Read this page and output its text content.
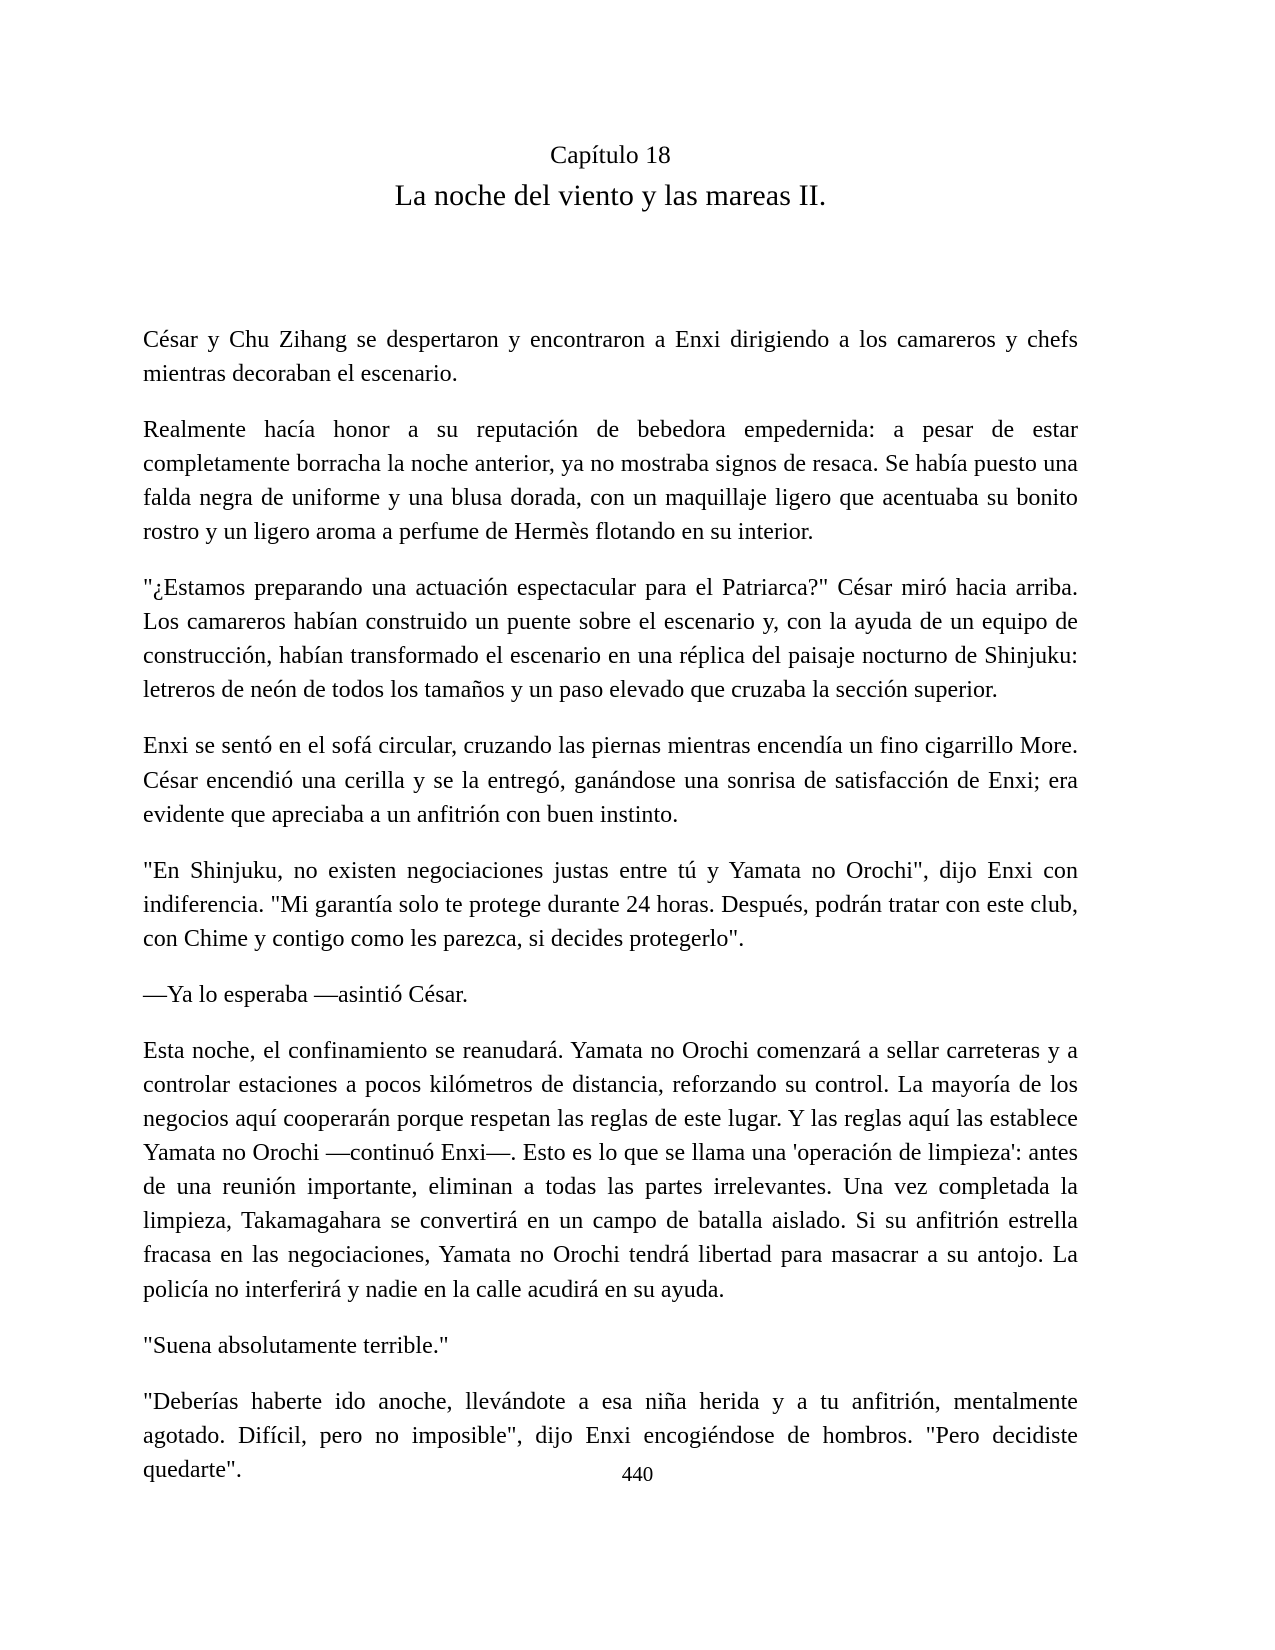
Capítulo 18
La noche del viento y las mareas II.

César y Chu Zihang se despertaron y encontraron a Enxi dirigiendo a los camareros y chefs mientras decoraban el escenario.

Realmente hacía honor a su reputación de bebedora empedernida: a pesar de estar completamente borracha la noche anterior, ya no mostraba signos de resaca. Se había puesto una falda negra de uniforme y una blusa dorada, con un maquillaje ligero que acentuaba su bonito rostro y un ligero aroma a perfume de Hermès flotando en su interior.

"¿Estamos preparando una actuación espectacular para el Patriarca?" César miró hacia arriba. Los camareros habían construido un puente sobre el escenario y, con la ayuda de un equipo de construcción, habían transformado el escenario en una réplica del paisaje nocturno de Shinjuku: letreros de neón de todos los tamaños y un paso elevado que cruzaba la sección superior.

Enxi se sentó en el sofá circular, cruzando las piernas mientras encendía un fino cigarrillo More. César encendió una cerilla y se la entregó, ganándose una sonrisa de satisfacción de Enxi; era evidente que apreciaba a un anfitrión con buen instinto.

"En Shinjuku, no existen negociaciones justas entre tú y Yamata no Orochi", dijo Enxi con indiferencia. "Mi garantía solo te protege durante 24 horas. Después, podrán tratar con este club, con Chime y contigo como les parezca, si decides protegerlo".

—Ya lo esperaba —asintió César.

Esta noche, el confinamiento se reanudará. Yamata no Orochi comenzará a sellar carreteras y a controlar estaciones a pocos kilómetros de distancia, reforzando su control. La mayoría de los negocios aquí cooperarán porque respetan las reglas de este lugar. Y las reglas aquí las establece Yamata no Orochi —continuó Enxi—. Esto es lo que se llama una 'operación de limpieza': antes de una reunión importante, eliminan a todas las partes irrelevantes. Una vez completada la limpieza, Takamagahara se convertirá en un campo de batalla aislado. Si su anfitrión estrella fracasa en las negociaciones, Yamata no Orochi tendrá libertad para masacrar a su antojo. La policía no interferirá y nadie en la calle acudirá en su ayuda.

"Suena absolutamente terrible."

"Deberías haberte ido anoche, llevándote a esa niña herida y a tu anfitrión, mentalmente agotado. Difícil, pero no imposible", dijo Enxi encogiéndose de hombros. "Pero decidiste quedarte".	440
